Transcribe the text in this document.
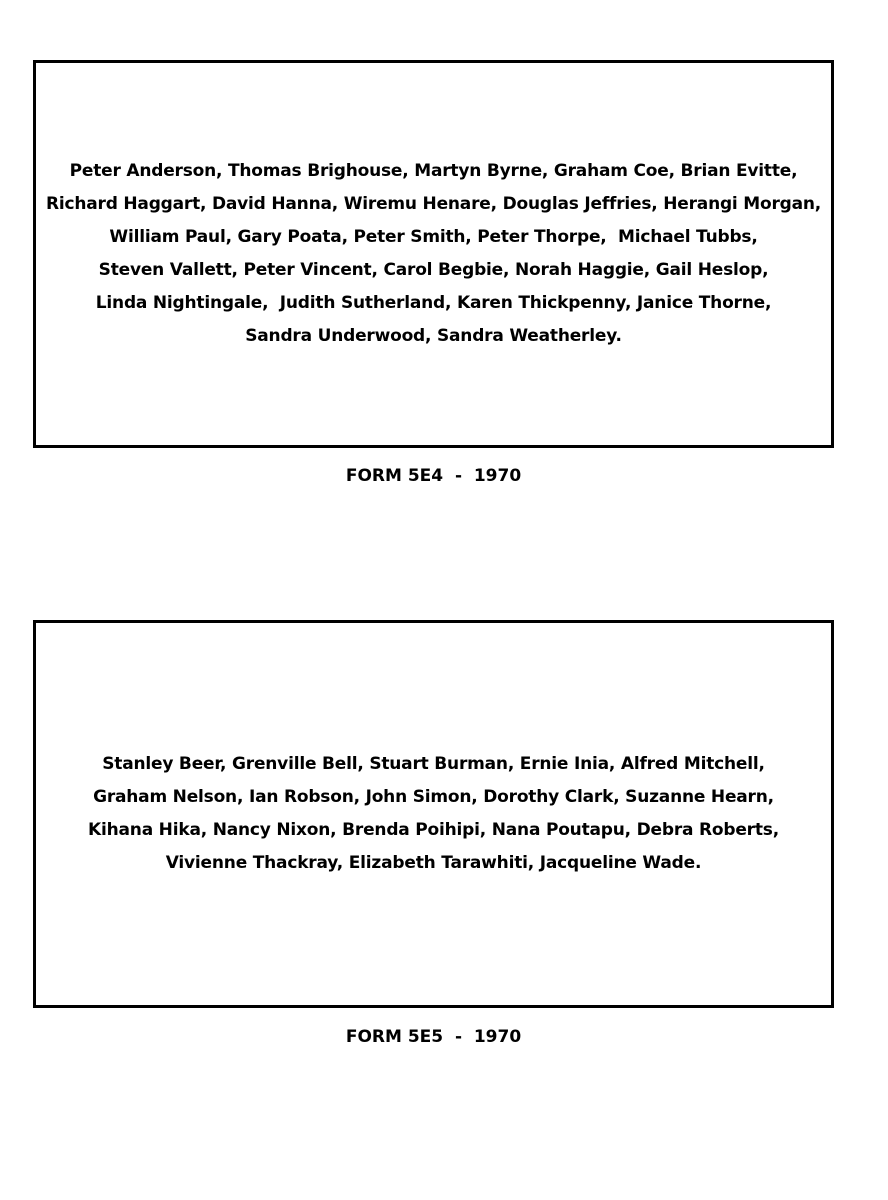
Peter Anderson, Thomas Brighouse, Martyn Byrne, Graham Coe, Brian Evitte,
Richard Haggart, David Hanna, Wiremu Henare, Douglas Jeffries, Herangi Morgan,
William Paul, Gary Poata, Peter Smith, Peter Thorpe,  Michael Tubbs,
Steven Vallett, Peter Vincent, Carol Begbie, Norah Haggie, Gail Heslop,
Linda Nightingale,  Judith Sutherland, Karen Thickpenny, Janice Thorne,
Sandra Underwood, Sandra Weatherley.

FORM 5E4  -  1970

Stanley Beer, Grenville Bell, Stuart Burman, Ernie Inia, Alfred Mitchell,
Graham Nelson, Ian Robson, John Simon, Dorothy Clark, Suzanne Hearn,
Kihana Hika, Nancy Nixon, Brenda Poihipi, Nana Poutapu, Debra Roberts,
Vivienne Thackray, Elizabeth Tarawhiti, Jacqueline Wade.

FORM 5E5  -  1970
